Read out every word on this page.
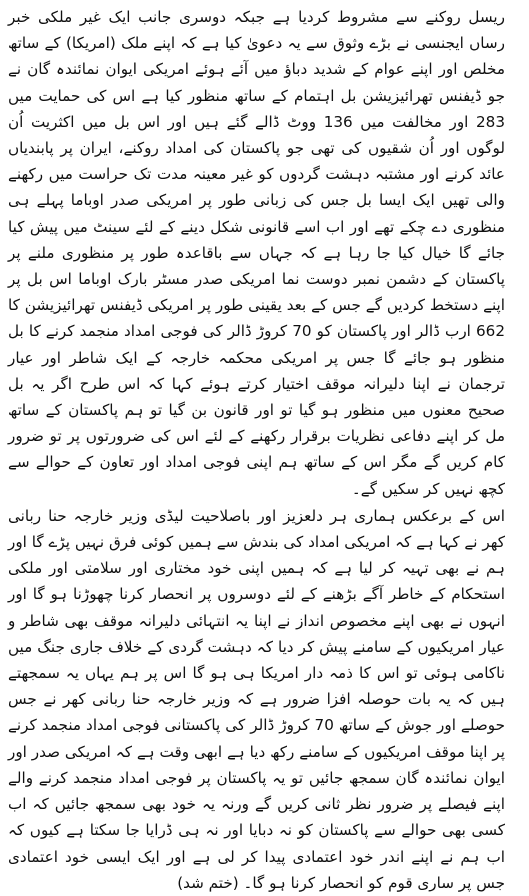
ریسل روکنے سے مشروط کردیا ہے جبکہ دوسری جانب ایک غیر ملکی خبر رساں ایجنسی نے بڑے وثوق سے یہ دعویٰ کیا ہے کہ اپنے ملک (امریکا) کے ساتھ مخلص اور اپنے عوام کے شدید دباؤ میں آئے ہوئے امریکی ایوان نمائندہ گان نے جو ڈیفنس تھرائیزیشن بل اہتمام کے ساتھ منظور کیا ہے اس کی حمایت میں 283 اور مخالفت میں 136 ووٹ ڈالے گئے ہیں اور اس بل میں اکثریت اُن لوگوں اور اُن شقیوں کی تھی جو پاکستان کی امداد روکنے، ایران پر پابندیاں عائد کرنے اور مشتبہ دہشت گردوں کو غیر معینہ مدت تک حراست میں رکھنے والی تھیں ایک ایسا بل جس کی زبانی طور پر امریکی صدر اوباما پہلے ہی منظوری دے چکے تھے اور اب اسے قانونی شکل دینے کے لئے سینٹ میں پیش کیا جائے گا خیال کیا جا رہا ہے کہ جہاں سے باقاعدہ طور پر منظوری ملنے پر پاکستان کے دشمن نمبر دوست نما امریکی صدر مسٹر بارک اوباما اس بل پر اپنے دستخط کردیں گے جس کے بعد یقینی طور پر امریکی ڈیفنس تھرائیزیشن کا 662 ارب ڈالر اور پاکستان کو 70 کروڑ ڈالر کی فوجی امداد منجمد کرنے کا بل منظور ہو جائے گا جس پر امریکی محکمہ خارجہ کے ایک شاطر اور عیار ترجمان نے اپنا دلیرانہ موقف اختیار کرتے ہوئے کہا کہ اس طرح اگر یہ بل صحیح معنوں میں منظور ہو گیا تو اور قانون بن گیا تو ہم پاکستان کے ساتھ مل کر اپنے دفاعی نظریات برقرار رکھنے کے لئے اس کی ضرورتوں پر تو ضرور کام کریں گے مگر اس کے ساتھ ہم اپنی فوجی امداد اور تعاون کے حوالے سے کچھ نہیں کر سکیں گے۔

اس کے برعکس ہماری ہر دلعزیز اور باصلاحیت لیڈی وزیر خارجہ حنا ربانی کھر نے کہا ہے کہ امریکی امداد کی بندش سے ہمیں کوئی فرق نہیں پڑے گا اور ہم نے بھی تہیہ کر لیا ہے کہ ہمیں اپنی خود مختاری اور سلامتی اور ملکی استحکام کے خاطر آگے بڑھنے کے لئے دوسروں پر انحصار کرنا چھوڑنا ہو گا اور انہوں نے بھی اپنے مخصوص انداز نے اپنا یہ انتہائی دلیرانہ موقف بھی شاطر و عیار امریکیوں کے سامنے پیش کر دیا کہ دہشت گردی کے خلاف جاری جنگ میں ناکامی ہوئی تو اس کا ذمہ دار امریکا ہی ہو گا اس پر ہم یہاں یہ سمجھتے ہیں کہ یہ بات حوصلہ افزا ضرور ہے کہ وزیر خارجہ حنا ربانی کھر نے جس حوصلے اور جوش کے ساتھ 70 کروڑ ڈالر کی پاکستانی فوجی امداد منجمد کرنے پر اپنا موقف امریکیوں کے سامنے رکھ دیا ہے ابھی وقت ہے کہ امریکی صدر اور ایوان نمائندہ گان سمجھ جائیں تو یہ پاکستان پر فوجی امداد منجمد کرنے والے اپنے فیصلے پر ضرور نظر ثانی کریں گے ورنہ یہ خود بھی سمجھ جائیں کہ اب کسی بھی حوالے سے پاکستان کو نہ دبایا اور نہ ہی ڈرایا جا سکتا ہے کیوں کہ اب ہم نے اپنے اندر خود اعتمادی پیدا کر لی ہے اور ایک ایسی خود اعتمادی جس پر ساری قوم کو انحصار کرنا ہو گا۔ (ختم شد)
